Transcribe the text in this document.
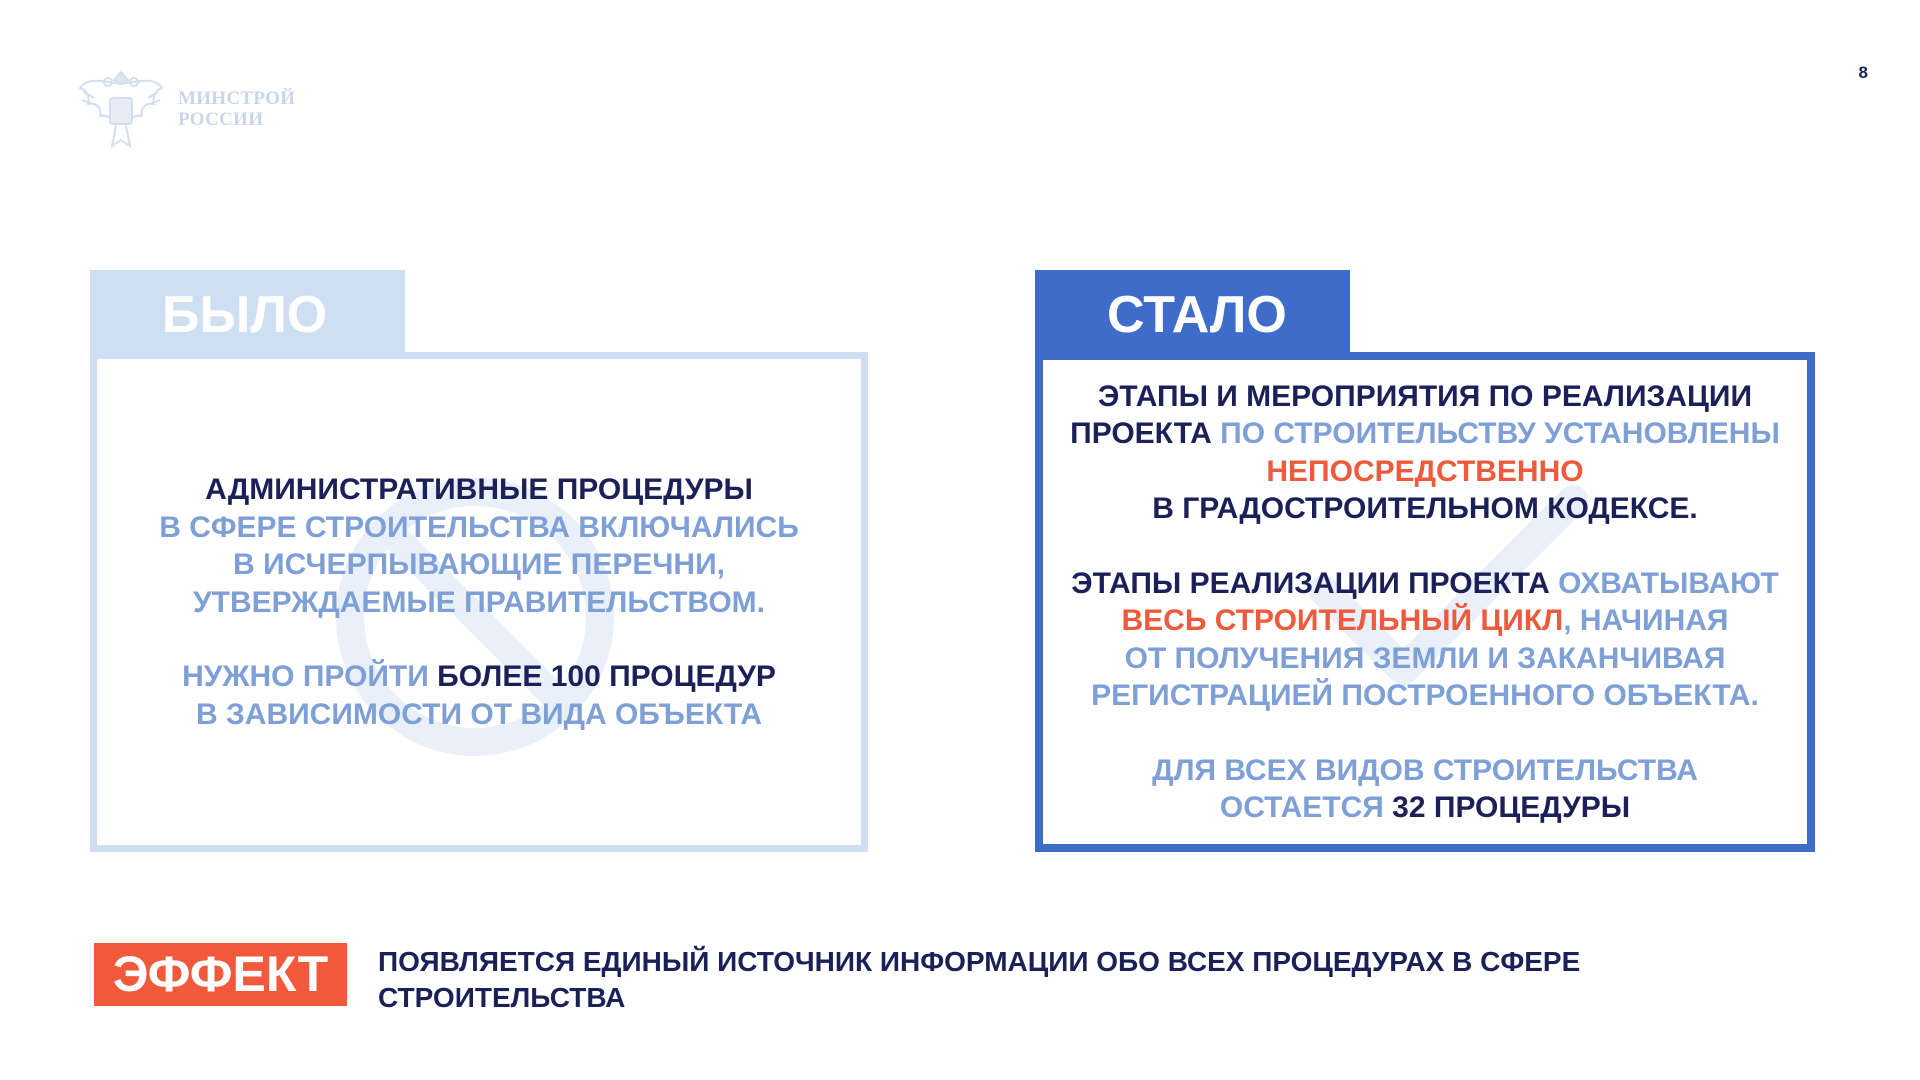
МИНСТРОЙ
РОССИИ
8
БЫЛО

АДМИНИСТРАТИВНЫЕ ПРОЦЕДУРЫ
В СФЕРЕ СТРОИТЕЛЬСТВА ВКЛЮЧАЛИСЬ
В ИСЧЕРПЫВАЮЩИЕ ПЕРЕЧНИ,
УТВЕРЖДАЕМЫЕ ПРАВИТЕЛЬСТВОМ.

НУЖНО ПРОЙТИ БОЛЕЕ 100 ПРОЦЕДУР
В ЗАВИСИМОСТИ ОТ ВИДА ОБЪЕКТА

СТАЛО

ЭТАПЫ И МЕРОПРИЯТИЯ ПО РЕАЛИЗАЦИИ
ПРОЕКТА ПО СТРОИТЕЛЬСТВУ УСТАНОВЛЕНЫ
НЕПОСРЕДСТВЕННО
В ГРАДОСТРОИТЕЛЬНОМ КОДЕКСЕ.

ЭТАПЫ РЕАЛИЗАЦИИ ПРОЕКТА ОХВАТЫВАЮТ
ВЕСЬ СТРОИТЕЛЬНЫЙ ЦИКЛ, НАЧИНАЯ
ОТ ПОЛУЧЕНИЯ ЗЕМЛИ И ЗАКАНЧИВАЯ
РЕГИСТРАЦИЕЙ ПОСТРОЕННОГО ОБЪЕКТА.

ДЛЯ ВСЕХ ВИДОВ СТРОИТЕЛЬСТВА
ОСТАЕТСЯ 32 ПРОЦЕДУРЫ

ЭФФЕКТ	ПОЯВЛЯЕТСЯ ЕДИНЫЙ ИСТОЧНИК ИНФОРМАЦИИ ОБО ВСЕХ ПРОЦЕДУРАХ В СФЕРЕ
СТРОИТЕЛЬСТВА
